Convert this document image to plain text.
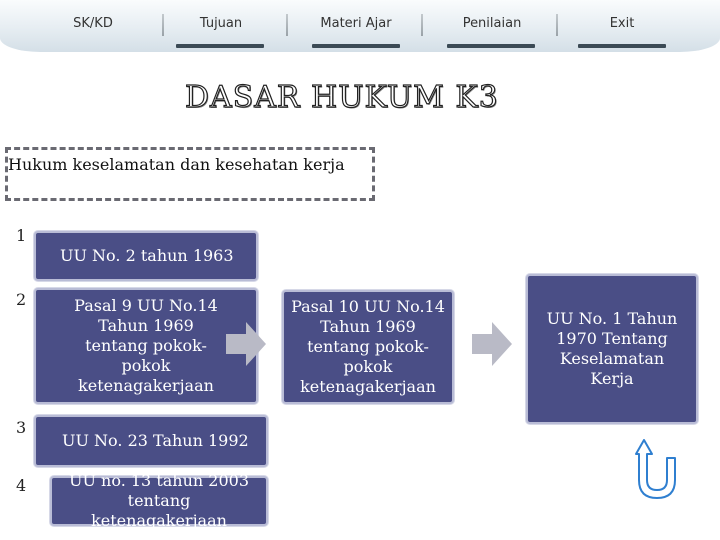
SK/KD	Tujuan	Materi Ajar	Penilaian	Exit
DASAR HUKUM K3
Hukum keselamatan dan kesehatan kerja
1
UU No. 2 tahun 1963
2	Pasal 9 UU No.14 Tahun 1969 tentang pokok-pokok ketenagakerjaan
3
UU No. 23 Tahun 1992
4	UU no. 13 tahun 2003 tentang ketenagakerjaan
Pasal 10 UU No.14 Tahun 1969 tentang pokok-pokok ketenagakerjaan
UU No. 1 Tahun 1970 Tentang Keselamatan Kerja
